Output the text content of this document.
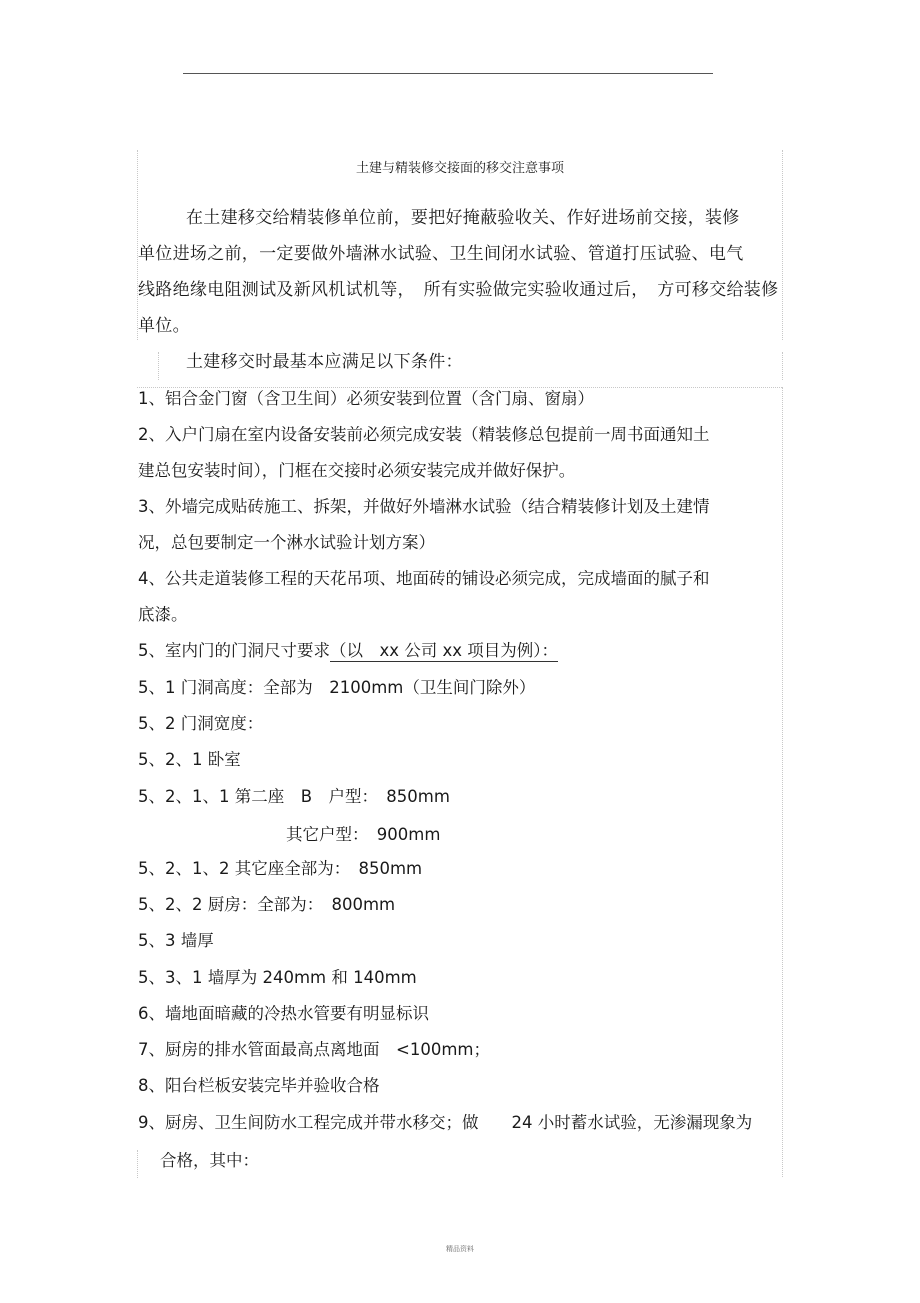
土建与精装修交接面的移交注意事项
在土建移交给精装修单位前，要把好掩蔽验收关、作好进场前交接，装修
单位进场之前，一定要做外墙淋水试验、卫生间闭水试验、管道打压试验、电气
线路绝缘电阻测试及新风机试机等，　所有实验做完实验收通过后，　方可移交给装修
单位。
土建移交时最基本应满足以下条件：
1、铝合金门窗（含卫生间）必须安装到位置（含门扇、窗扇）
2、入户门扇在室内设备安装前必须完成安装（精装修总包提前一周书面通知土
建总包安装时间），门框在交接时必须安装完成并做好保护。
3、外墙完成贴砖施工、拆架，并做好外墙淋水试验（结合精装修计划及土建情
况，总包要制定一个淋水试验计划方案）
4、公共走道装修工程的天花吊项、地面砖的铺设必须完成，完成墙面的腻子和
底漆。
5、室内门的门洞尺寸要求（以　xx 公司 xx 项目为例）：
5、1 门洞高度：全部为　2100mm（卫生间门除外）
5、2 门洞宽度：
5、2、1 卧室
5、2、1、1 第二座　B　户型：　850mm
其它户型：　900mm
5、2、1、2 其它座全部为：　850mm
5、2、2 厨房：全部为：　800mm
5、3 墙厚
5、3、1 墙厚为 240mm 和 140mm
6、墙地面暗藏的冷热水管要有明显标识
7、厨房的排水管面最高点离地面　<100mm；
8、阳台栏板安装完毕并验收合格
9、厨房、卫生间防水工程完成并带水移交；做　　24 小时蓄水试验，无渗漏现象为
合格，其中：
精品资料
